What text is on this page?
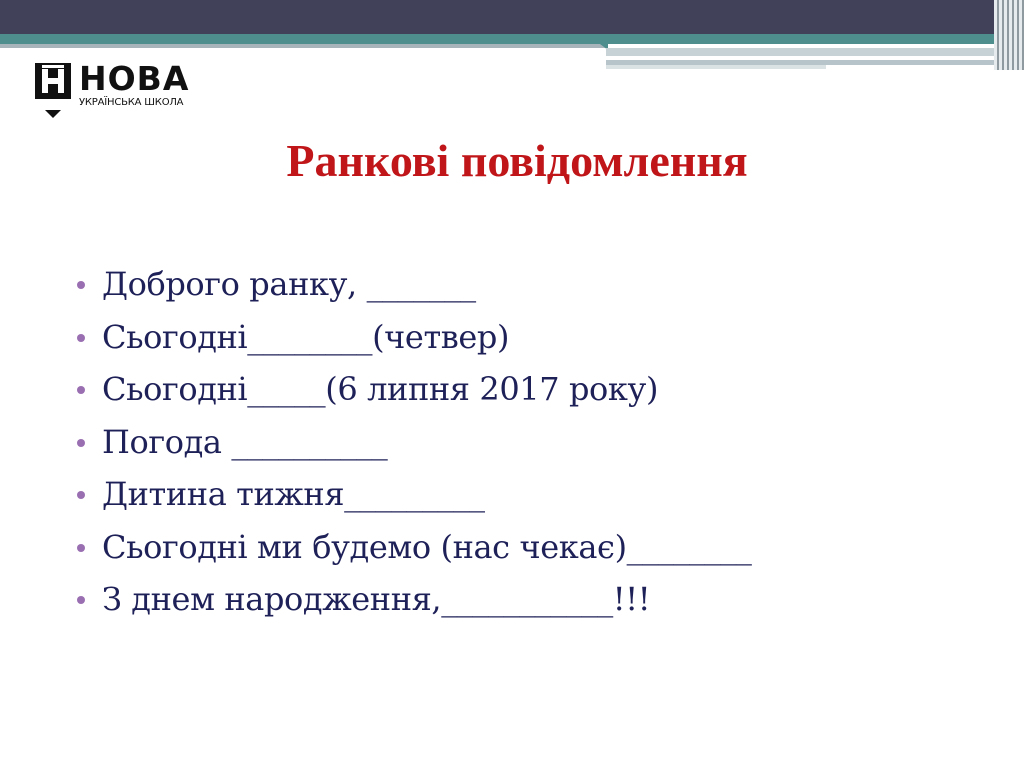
НОВА
УКРАЇНСЬКА ШКОЛА
Ранкові повідомлення
Доброго ранку, _______
Сьогодні________(четвер)
Сьогодні_____(6 липня 2017 року)
Погода __________
Дитина тижня_________
Сьогодні ми будемо (нас чекає)________
З днем народження,___________!!!
